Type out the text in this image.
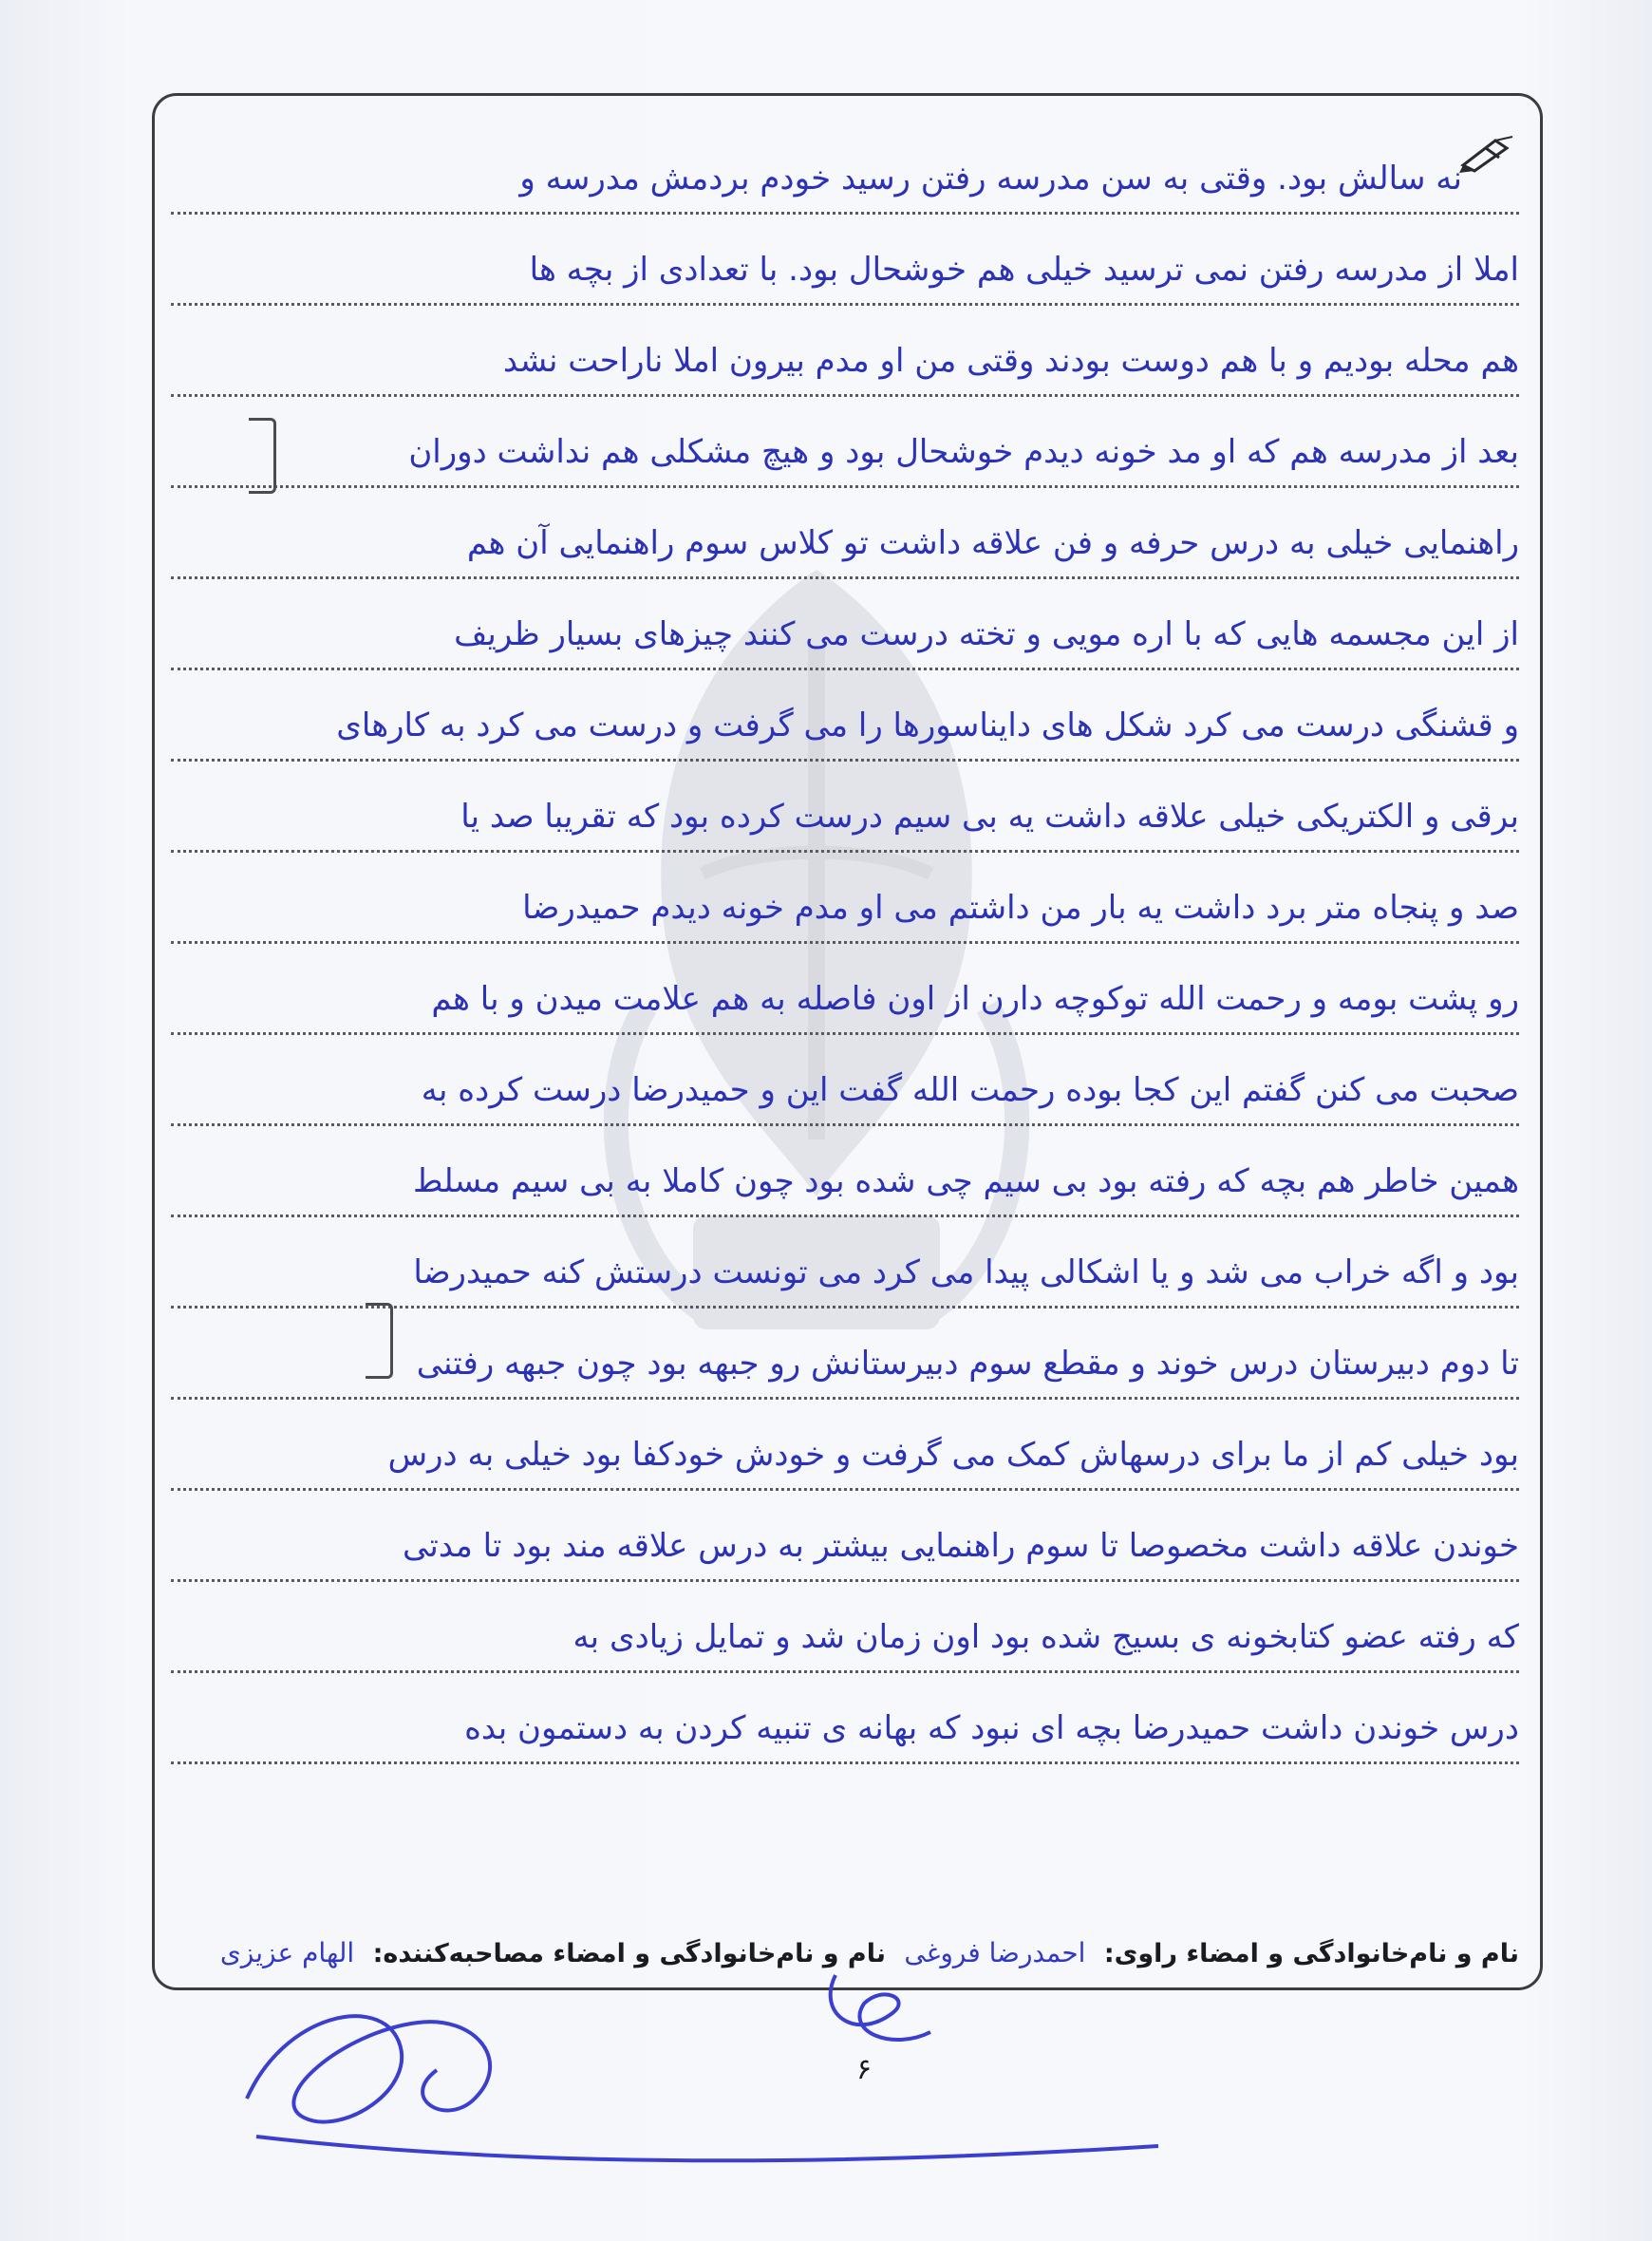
نه سالش بود. وقتی به سن مدرسه رفتن رسید خودم بردمش مدرسه و
املا از مدرسه رفتن نمی ترسید خیلی هم خوشحال بود. با تعدادی از بچه ها
هم محله بودیم و با هم دوست بودند وقتی من او مدم بیرون املا ناراحت نشد
بعد از مدرسه هم که او مد خونه دیدم خوشحال بود و هیچ مشکلی هم نداشت دوران
راهنمایی خیلی به درس حرفه و فن علاقه داشت تو کلاس سوم راهنمایی آن هم
از این مجسمه هایی که با اره مویی و تخته درست می کنند چیزهای بسیار ظریف
و قشنگی درست می کرد شکل های دایناسورها را می گرفت و درست می کرد به کارهای
برقی و الکتریکی خیلی علاقه داشت یه بی سیم درست کرده بود که تقریبا صد یا
صد و پنجاه متر برد داشت یه بار من داشتم می او مدم خونه دیدم حمیدرضا
رو پشت بومه و رحمت الله توکوچه دارن از اون فاصله به هم علامت میدن و با هم
صحبت می کنن گفتم این کجا بوده رحمت الله گفت این و حمیدرضا درست کرده به
همین خاطر هم بچه که رفته بود بی سیم چی شده بود چون کاملا به بی سیم مسلط
بود و اگه خراب می شد و یا اشکالی پیدا می کرد می تونست درستش کنه حمیدرضا
تا دوم دبیرستان درس خوند و مقطع سوم دبیرستانش رو جبهه بود چون جبهه رفتنی
بود خیلی کم از ما برای درسهاش کمک می گرفت و خودش خودکفا بود خیلی به درس
خوندن علاقه داشت مخصوصا تا سوم راهنمایی بیشتر به درس علاقه مند بود تا مدتی
که رفته عضو کتابخونه ی بسیج شده بود اون زمان شد و تمایل زیادی به
درس خوندن داشت حمیدرضا بچه ای نبود که بهانه ی تنبیه کردن به دستمون بده
نام و نام‌خانوادگی و امضاء راوی: احمدرضا فروغی نام و نام‌خانوادگی و امضاء مصاحبه‌کننده: الهام عزیزی
۶
